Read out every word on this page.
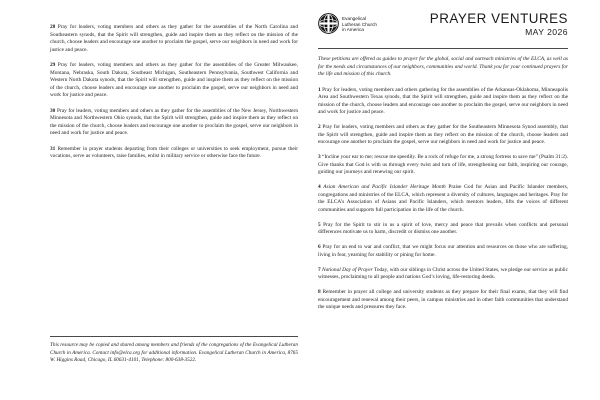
28 Pray for leaders, voting members and others as they gather for the assemblies of the North Carolina and Southeastern synods, that the Spirit will strengthen, guide and inspire them as they reflect on the mission of the church, choose leaders and encourage one another to proclaim the gospel, serve our neighbors in need and work for justice and peace.

29 Pray for leaders, voting members and others as they gather for the assemblies of the Greater Milwaukee, Montana, Nebraska, South Dakota, Southeast Michigan, Southeastern Pennsylvania, Southwest California and Western North Dakota synods, that the Spirit will strengthen, guide and inspire them as they reflect on the mission of the church, choose leaders and encourage one another to proclaim the gospel, serve our neighbors in need and work for justice and peace.

30 Pray for leaders, voting members and others as they gather for the assemblies of the New Jersey, Northwestern Minnesota and Northwestern Ohio synods, that the Spirit will strengthen, guide and inspire them as they reflect on the mission of the church, choose leaders and encourage one another to proclaim the gospel, serve our neighbors in need and work for justice and peace.

31 Remember in prayer students departing from their colleges or universities to seek employment, pursue their vocations, serve as volunteers, raise families, enlist in military service or otherwise face the future.

Evangelical
Lutheran Church
in America
PRAYER VENTURES
MAY 2026

These petitions are offered as guides to prayer for the global, social and outreach ministries of the ELCA, as well as for the needs and circumstances of our neighbors, communities and world. Thank you for your continued prayers for the life and mission of this church.

1 Pray for leaders, voting members and others gathering for the assemblies of the Arkansas-Oklahoma, Minneapolis Area and Southwestern Texas synods, that the Spirit will strengthen, guide and inspire them as they reflect on the mission of the church, choose leaders and encourage one another to proclaim the gospel, serve our neighbors in need and work for justice and peace.

2 Pray for leaders, voting members and others as they gather for the Southeastern Minnesota Synod assembly, that the Spirit will strengthen, guide and inspire them as they reflect on the mission of the church, choose leaders and encourage one another to proclaim the gospel, serve our neighbors in need and work for justice and peace.

3 “Incline your ear to me; rescue me speedily. Be a rock of refuge for me, a strong fortress to save me” (Psalm 31:2). Give thanks that God is with us through every twist and turn of life, strengthening our faith, inspiring our courage, guiding our journeys and renewing our spirit.

4 Asian American and Pacific Islander Heritage Month Praise God for Asian and Pacific Islander members, congregations and ministries of the ELCA, which represent a diversity of cultures, languages and heritages. Pray for the ELCA’s Association of Asians and Pacific Islanders, which mentors leaders, lifts the voices of different communities and supports full participation in the life of the church.

5 Pray for the Spirit to stir in us a spirit of love, mercy and peace that prevails when conflicts and personal differences motivate us to harm, discredit or dismiss one another.

6 Pray for an end to war and conflict, that we might focus our attention and resources on those who are suffering, living in fear, yearning for stability or pining for home.

7 National Day of Prayer Today, with our siblings in Christ across the United States, we pledge our service as public witnesses, proclaiming to all people and nations God’s loving, life-restoring deeds.

8 Remember in prayer all college and university students as they prepare for their final exams, that they will find encouragement and renewal among their peers, in campus ministries and in other faith communities that understand the unique needs and pressures they face.

This resource may be copied and shared among members and friends of the congregations of the Evangelical Lutheran Church in America. Contact info@elca.org for additional information. Evangelical Lutheran Church in America, 8765 W. Higgins Road, Chicago, IL 60631-4101, Telephone: 800-638-3522.
